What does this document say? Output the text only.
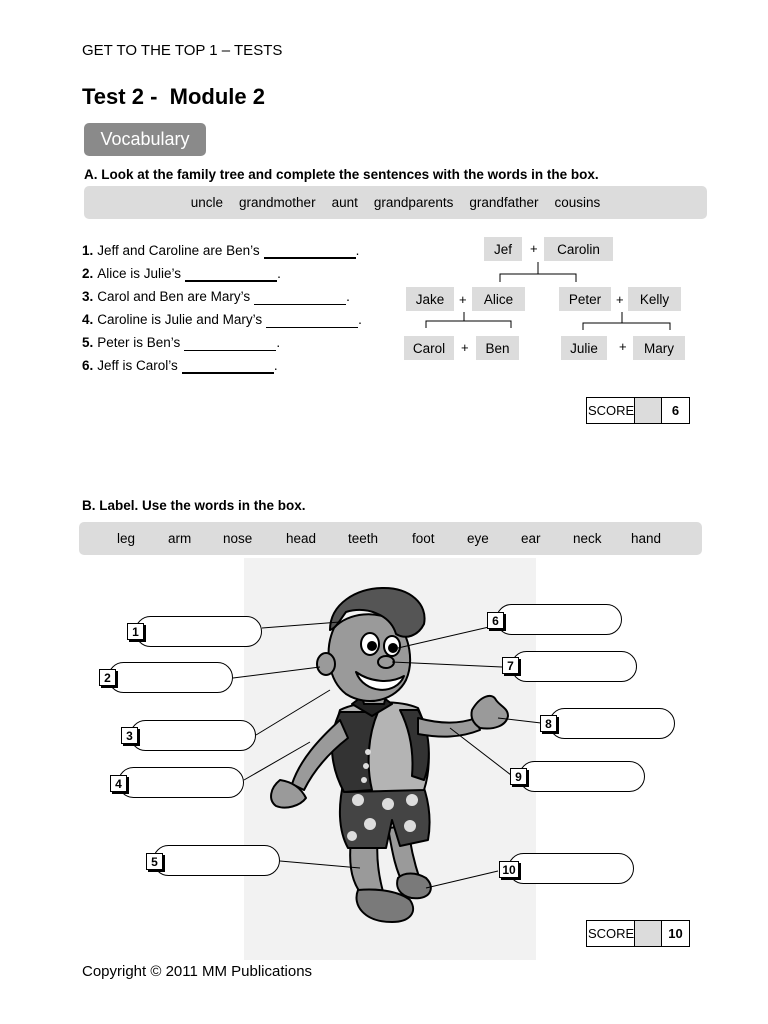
GET TO THE TOP 1 – TESTS
Test 2 -  Module 2
Vocabulary
A. Look at the family tree and complete the sentences with the words in the box.
uncle grandmother aunt grandparents grandfather cousins
1. Jeff and Caroline are Ben’s	.
2. Alice is Julie’s	.
3. Carol and Ben are Mary’s	.
4. Caroline is Julie and Mary’s	.
5. Peter is Ben’s	.
6. Jeff is Carol’s	.
Jef	+	Carolin
Jake	+	Alice	Peter	+	Kelly
Carol	+	Ben	Julie	+	Mary
SCORE	6
B. Label. Use the words in the box.
leg arm nose head teeth	foot eye ear neck hand
1
2
3
4
5
6
7
8
9
10
SCORE	10
Copyright © 2011 MM Publications
